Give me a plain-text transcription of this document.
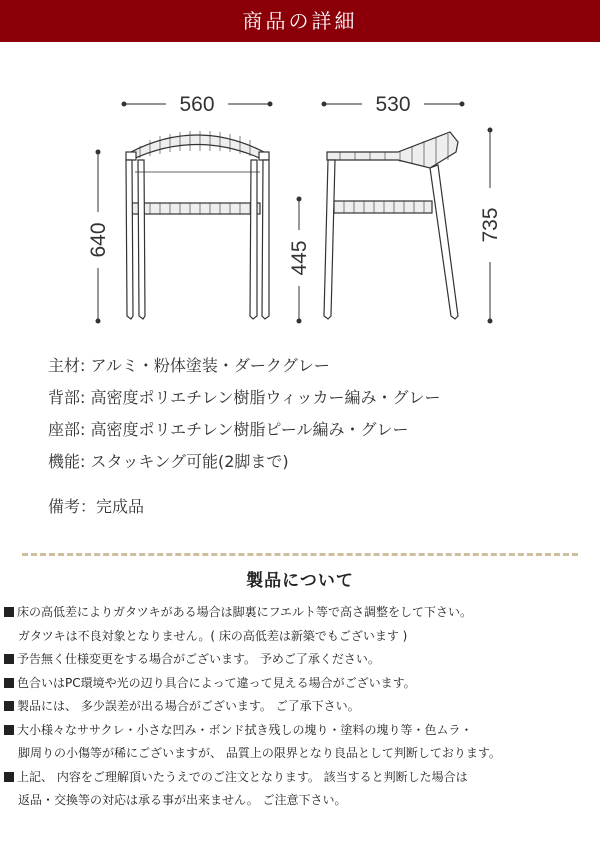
商品の詳細
560	530
640
445
735
主材: アルミ・粉体塗装・ダークグレー
背部: 高密度ポリエチレン樹脂ウィッカー編み・グレー
座部: 高密度ポリエチレン樹脂ピール編み・グレー
機能: スタッキング可能(2脚まで)
備考：完成品
製品について
床の高低差によりガタツキがある場合は脚裏にフエルト等で高さ調整をして下さい。
ガタツキは不良対象となりません。( 床の高低差は新築でもございます )
予告無く仕様変更をする場合がございます。 予めご了承ください。
色合いはPC環境や光の辺り具合によって違って見える場合がございます。
製品には、 多少誤差が出る場合がございます。 ご了承下さい。
大小様々なササクレ・小さな凹み・ボンド拭き残しの塊り・塗料の塊り等・色ムラ・
脚周りの小傷等が稀にございますが、 品質上の限界となり良品として判断しております。
上記、 内容をご理解頂いたうえでのご注文となります。 該当すると判断した場合は
返品・交換等の対応は承る事が出来ません。 ご注意下さい。
